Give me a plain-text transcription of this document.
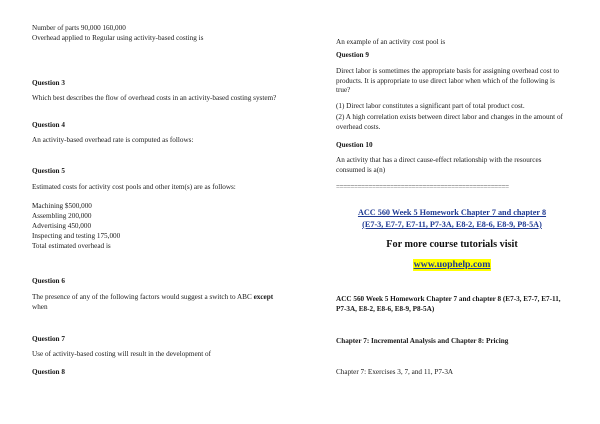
Number of parts 90,000 160,000
Overhead applied to Regular using activity-based costing is
Question 3
Which best describes the flow of overhead costs in an activity-based costing system?
Question 4
An activity-based overhead rate is computed as follows:
Question 5
Estimated costs for activity cost pools and other item(s) are as follows:
Machining $500,000
Assembling 200,000
Advertising 450,000
Inspecting and testing 175,000
Total estimated overhead is
Question 6
The presence of any of the following factors would suggest a switch to ABC except when
Question 7
Use of activity-based costing will result in the development of
Question 8
An example of an activity cost pool is
Question 9
Direct labor is sometimes the appropriate basis for assigning overhead cost to products. It is appropriate to use direct labor when which of the following is true?
(1) Direct labor constitutes a significant part of total product cost.
(2) A high correlation exists between direct labor and changes in the amount of overhead costs.
Question 10
An activity that has a direct cause-effect relationship with the resources consumed is a(n)
================================================
ACC 560 Week 5 Homework Chapter 7 and chapter 8
(E7-3, E7-7, E7-11, P7-3A, E8-2, E8-6, E8-9, P8-5A)
For more course tutorials visit
www.uophelp.com
ACC 560 Week 5 Homework Chapter 7 and chapter 8 (E7-3, E7-7, E7-11, P7-3A, E8-2, E8-6, E8-9, P8-5A)
Chapter 7: Incremental Analysis and Chapter 8: Pricing
Chapter 7: Exercises 3, 7, and 11, P7-3A
